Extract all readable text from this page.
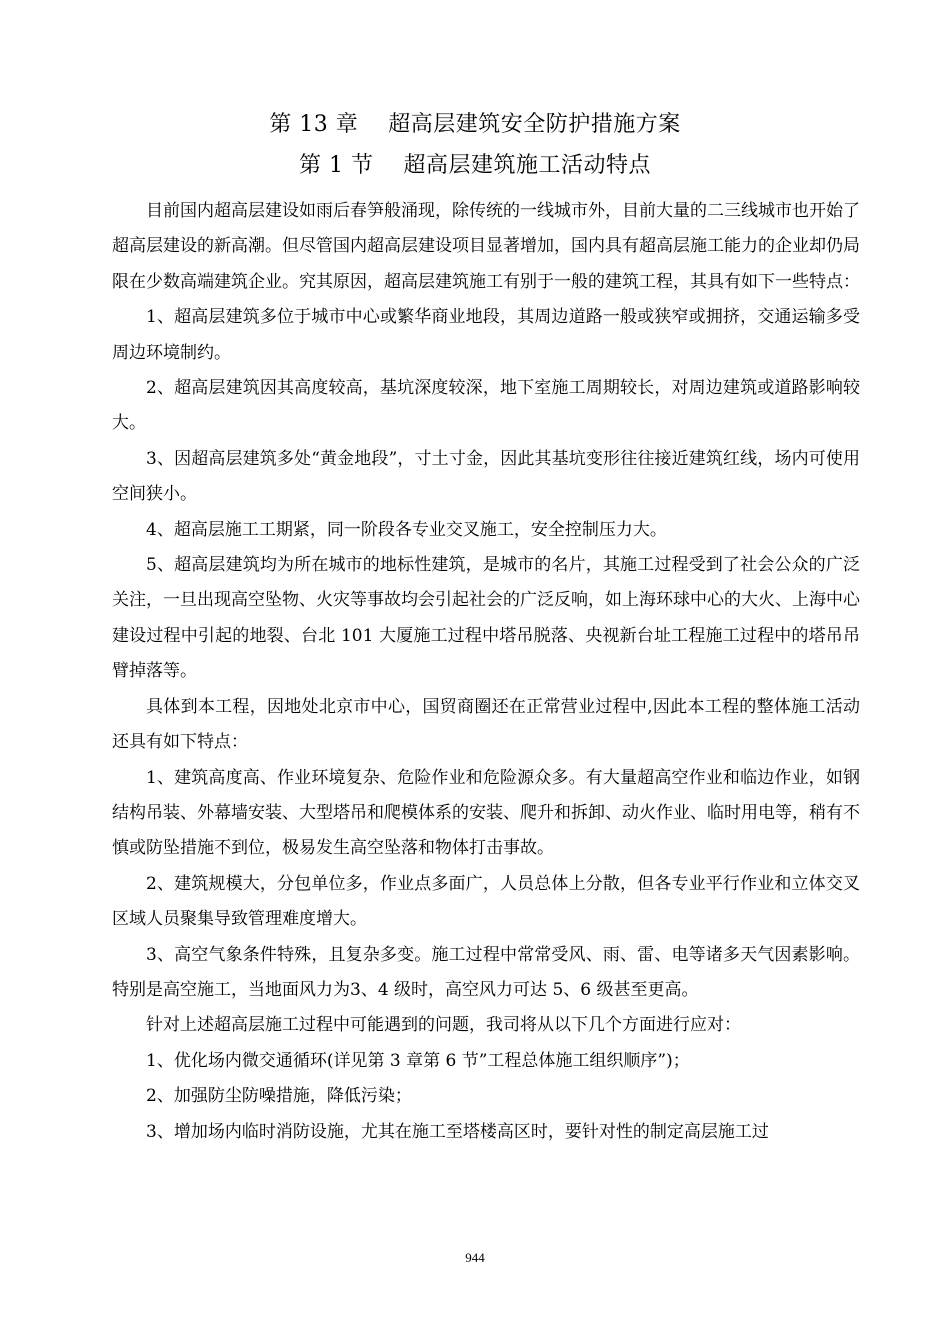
第 13 章    超高层建筑安全防护措施方案
第 1 节    超高层建筑施工活动特点

目前国内超高层建设如雨后春笋般涌现，除传统的一线城市外，目前大量的二三线城市也开始了超高层建设的新高潮。但尽管国内超高层建设项目显著增加，国内具有超高层施工能力的企业却仍局限在少数高端建筑企业。究其原因，超高层建筑施工有别于一般的建筑工程，其具有如下一些特点：

1、超高层建筑多位于城市中心或繁华商业地段，其周边道路一般或狭窄或拥挤，交通运输多受周边环境制约。

2、超高层建筑因其高度较高，基坑深度较深，地下室施工周期较长，对周边建筑或道路影响较大。

3、因超高层建筑多处“黄金地段”，寸土寸金，因此其基坑变形往往接近建筑红线，场内可使用空间狭小。

4、超高层施工工期紧，同一阶段各专业交叉施工，安全控制压力大。

5、超高层建筑均为所在城市的地标性建筑，是城市的名片，其施工过程受到了社会公众的广泛关注，一旦出现高空坠物、火灾等事故均会引起社会的广泛反响，如上海环球中心的大火、上海中心建设过程中引起的地裂、台北 101 大厦施工过程中塔吊脱落、央视新台址工程施工过程中的塔吊吊臂掉落等。

具体到本工程，因地处北京市中心，国贸商圈还在正常营业过程中,因此本工程的整体施工活动还具有如下特点：

1、建筑高度高、作业环境复杂、危险作业和危险源众多。有大量超高空作业和临边作业，如钢结构吊装、外幕墙安装、大型塔吊和爬模体系的安装、爬升和拆卸、动火作业、临时用电等，稍有不慎或防坠措施不到位，极易发生高空坠落和物体打击事故。

2、建筑规模大，分包单位多，作业点多面广，人员总体上分散，但各专业平行作业和立体交叉区域人员聚集导致管理难度增大。

3、高空气象条件特殊，且复杂多变。施工过程中常常受风、雨、雷、电等诸多天气因素影响。特别是高空施工，当地面风力为3、4 级时，高空风力可达 5、6 级甚至更高。

针对上述超高层施工过程中可能遇到的问题，我司将从以下几个方面进行应对：

1、优化场内微交通循环(详见第 3 章第 6 节”工程总体施工组织顺序”)；

2、加强防尘防噪措施，降低污染；

3、增加场内临时消防设施，尤其在施工至塔楼高区时，要针对性的制定高层施工过

944
